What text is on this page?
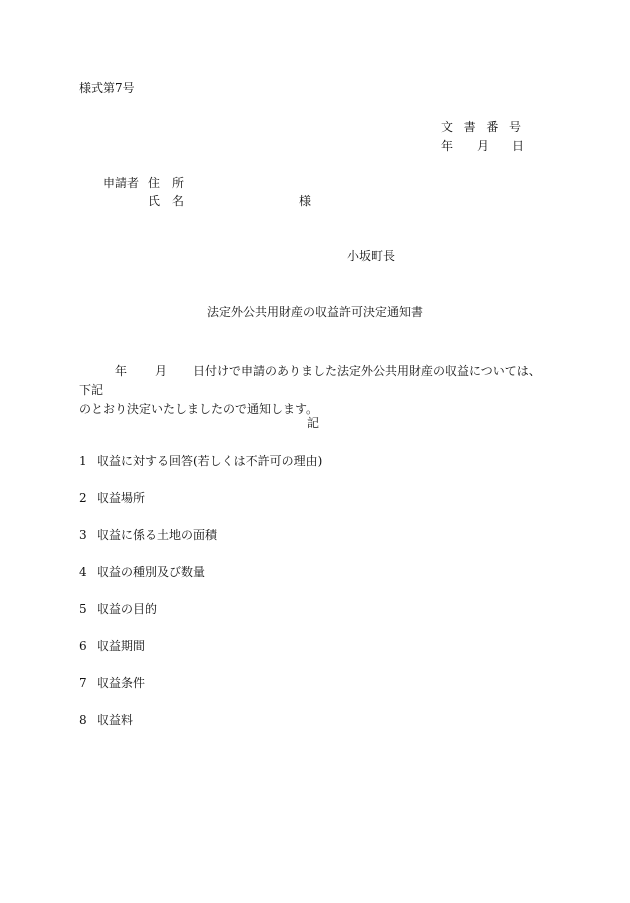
様式第7号
文 書 番 号
年 月 日
申請者 住 所
氏 名	様
小坂町長
法定外公共用財産の収益許可決定通知書
年 月 日付けで申請のありました法定外公共用財産の収益については、下記
のとおり決定いたしましたので通知します。
記
1 収益に対する回答(若しくは不許可の理由)
2 収益場所
3 収益に係る土地の面積
4 収益の種別及び数量
5 収益の目的
6 収益期間
7 収益条件
8 収益料
